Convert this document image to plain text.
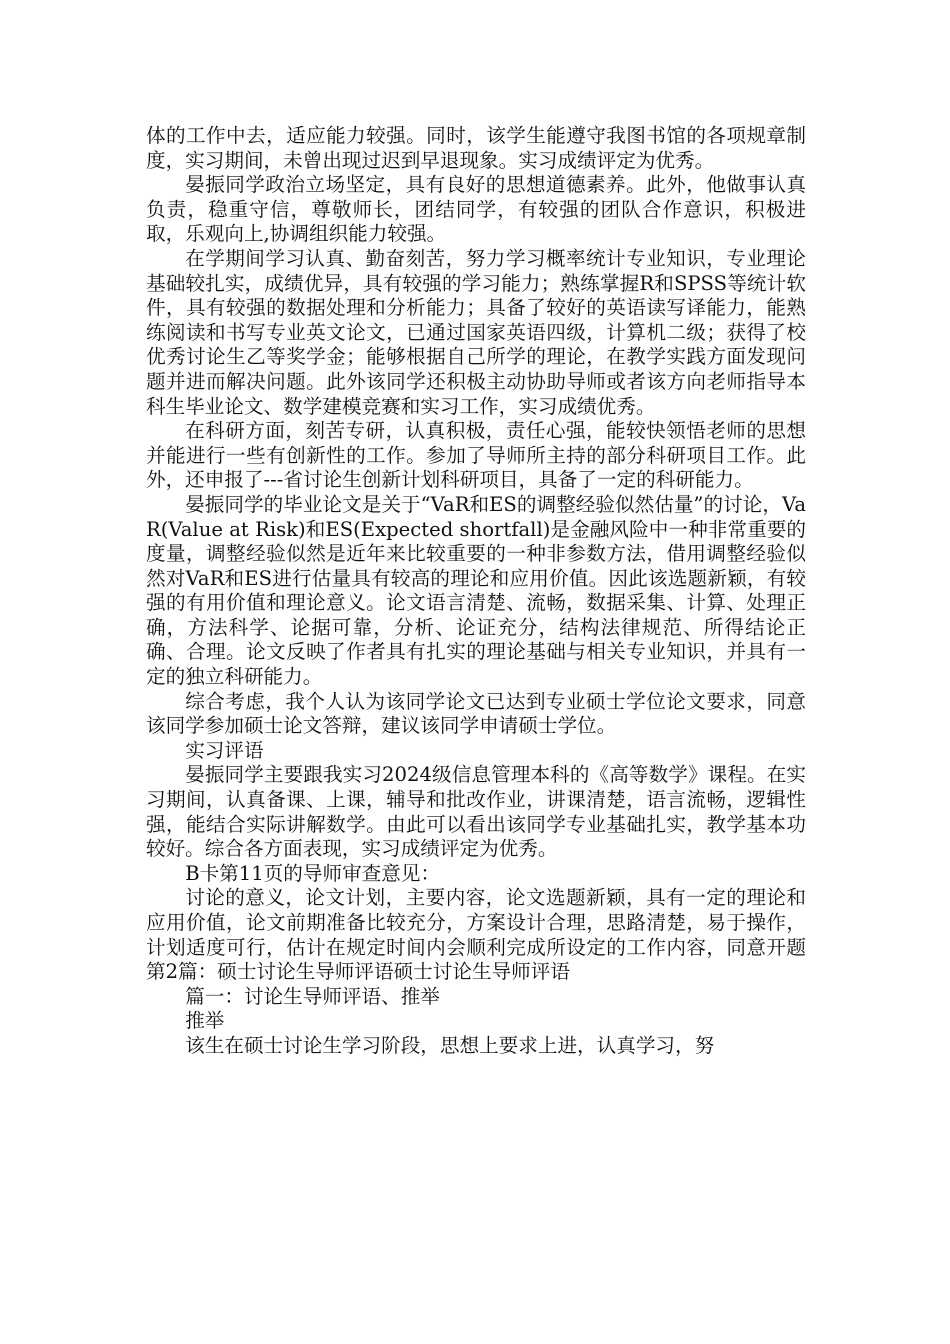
体的工作中去，适应能力较强。同时，该学生能遵守我图书馆的各项规章制度，实习期间，未曾出现过迟到早退现象。实习成绩评定为优秀。

晏振同学政治立场坚定，具有良好的思想道德素养。此外，他做事认真负责，稳重守信，尊敬师长，团结同学，有较强的团队合作意识，积极进取，乐观向上,协调组织能力较强。

在学期间学习认真、勤奋刻苦，努力学习概率统计专业知识，专业理论基础较扎实，成绩优异，具有较强的学习能力；熟练掌握R和SPSS等统计软件，具有较强的数据处理和分析能力；具备了较好的英语读写译能力，能熟练阅读和书写专业英文论文，已通过国家英语四级，计算机二级；获得了校优秀讨论生乙等奖学金；能够根据自己所学的理论，在教学实践方面发现问题并进而解决问题。此外该同学还积极主动协助导师或者该方向老师指导本科生毕业论文、数学建模竞赛和实习工作，实习成绩优秀。

在科研方面，刻苦专研，认真积极，责任心强，能较快领悟老师的思想并能进行一些有创新性的工作。参加了导师所主持的部分科研项目工作。此外，还申报了---省讨论生创新计划科研项目，具备了一定的科研能力。

晏振同学的毕业论文是关于“VaR和ES的调整经验似然估量”的讨论，VaR(Value at Risk)和ES(Expected shortfall)是金融风险中一种非常重要的度量，调整经验似然是近年来比较重要的一种非参数方法，借用调整经验似然对VaR和ES进行估量具有较高的理论和应用价值。因此该选题新颖，有较强的有用价值和理论意义。论文语言清楚、流畅，数据采集、计算、处理正确，方法科学、论据可靠，分析、论证充分，结构法律规范、所得结论正确、合理。论文反映了作者具有扎实的理论基础与相关专业知识，并具有一定的独立科研能力。

综合考虑，我个人认为该同学论文已达到专业硕士学位论文要求，同意该同学参加硕士论文答辩，建议该同学申请硕士学位。

实习评语

晏振同学主要跟我实习2024级信息管理本科的《高等数学》课程。在实习期间，认真备课、上课，辅导和批改作业，讲课清楚，语言流畅，逻辑性强，能结合实际讲解数学。由此可以看出该同学专业基础扎实，教学基本功较好。综合各方面表现，实习成绩评定为优秀。

B卡第11页的导师审查意见：

讨论的意义，论文计划，主要内容，论文选题新颖，具有一定的理论和应用价值，论文前期准备比较充分，方案设计合理，思路清楚，易于操作，计划适度可行，估计在规定时间内会顺利完成所设定的工作内容，同意开题第2篇：硕士讨论生导师评语硕士讨论生导师评语

篇一：讨论生导师评语、推举

推举

该生在硕士讨论生学习阶段，思想上要求上进，认真学习，努
